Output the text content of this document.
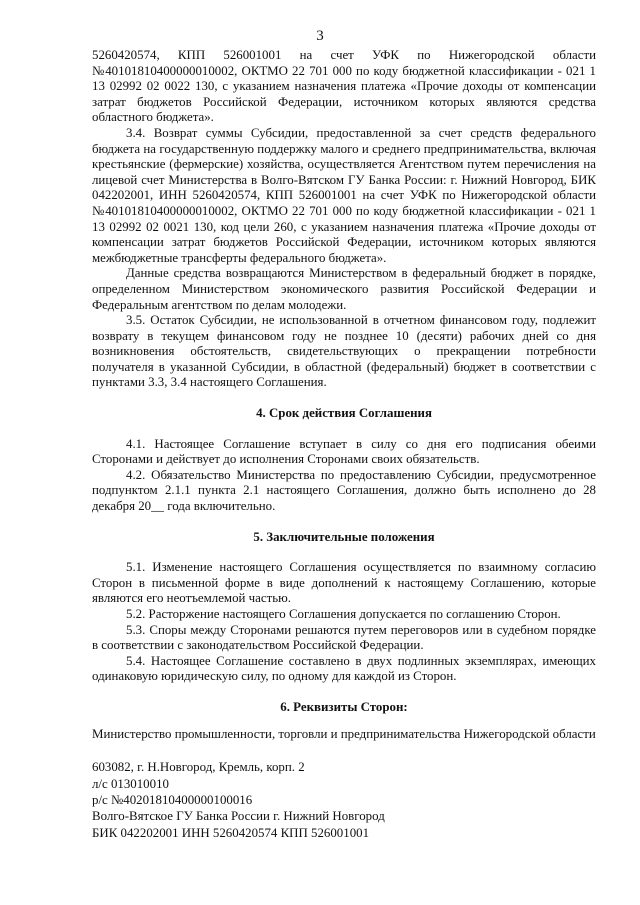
3

5260420574, КПП 526001001 на счет УФК по Нижегородской области №40101810400000010002, ОКТМО 22 701 000 по коду бюджетной классификации - 021 1 13 02992 02 0022 130, с указанием назначения платежа «Прочие доходы от компенсации затрат бюджетов Российской Федерации, источником которых являются средства областного бюджета».

3.4. Возврат суммы Субсидии, предоставленной за счет средств федерального бюджета на государственную поддержку малого и среднего предпринимательства, включая крестьянские (фермерские) хозяйства, осуществляется Агентством путем перечисления на лицевой счет Министерства в Волго-Вятском ГУ Банка России: г. Нижний Новгород, БИК 042202001, ИНН 5260420574, КПП 526001001 на счет УФК по Нижегородской области №40101810400000010002, ОКТМО 22 701 000 по коду бюджетной классификации - 021 1 13 02992 02 0021 130, код цели 260, с указанием назначения платежа «Прочие доходы от компенсации затрат бюджетов Российской Федерации, источником которых являются межбюджетные трансферты федерального бюджета».

Данные средства возвращаются Министерством в федеральный бюджет в порядке, определенном Министерством экономического развития Российской Федерации и Федеральным агентством по делам молодежи.

3.5. Остаток Субсидии, не использованной в отчетном финансовом году, подлежит возврату в текущем финансовом году не позднее 10 (десяти) рабочих дней со дня возникновения обстоятельств, свидетельствующих о прекращении потребности получателя в указанной Субсидии, в областной (федеральный) бюджет в соответствии с пунктами 3.3, 3.4 настоящего Соглашения.

4. Срок действия Соглашения

4.1. Настоящее Соглашение вступает в силу со дня его подписания обеими Сторонами и действует до исполнения Сторонами своих обязательств.

4.2. Обязательство Министерства по предоставлению Субсидии, предусмотренное подпунктом 2.1.1 пункта 2.1 настоящего Соглашения, должно быть исполнено до 28 декабря 20__ года включительно.

5. Заключительные положения

5.1. Изменение настоящего Соглашения осуществляется по взаимному согласию Сторон в письменной форме в виде дополнений к настоящему Соглашению, которые являются его неотъемлемой частью.

5.2. Расторжение настоящего Соглашения допускается по соглашению Сторон.

5.3. Споры между Сторонами решаются путем переговоров или в судебном порядке в соответствии с законодательством Российской Федерации.

5.4. Настоящее Соглашение составлено в двух подлинных экземплярах, имеющих одинаковую юридическую силу, по одному для каждой из Сторон.

6. Реквизиты Сторон:

Министерство промышленности, торговли и предпринимательства Нижегородской области

603082, г. Н.Новгород, Кремль, корп. 2

л/с 013010010

р/с №40201810400000100016

Волго-Вятское ГУ Банка России г. Нижний Новгород

БИК 042202001 ИНН 5260420574 КПП 526001001
